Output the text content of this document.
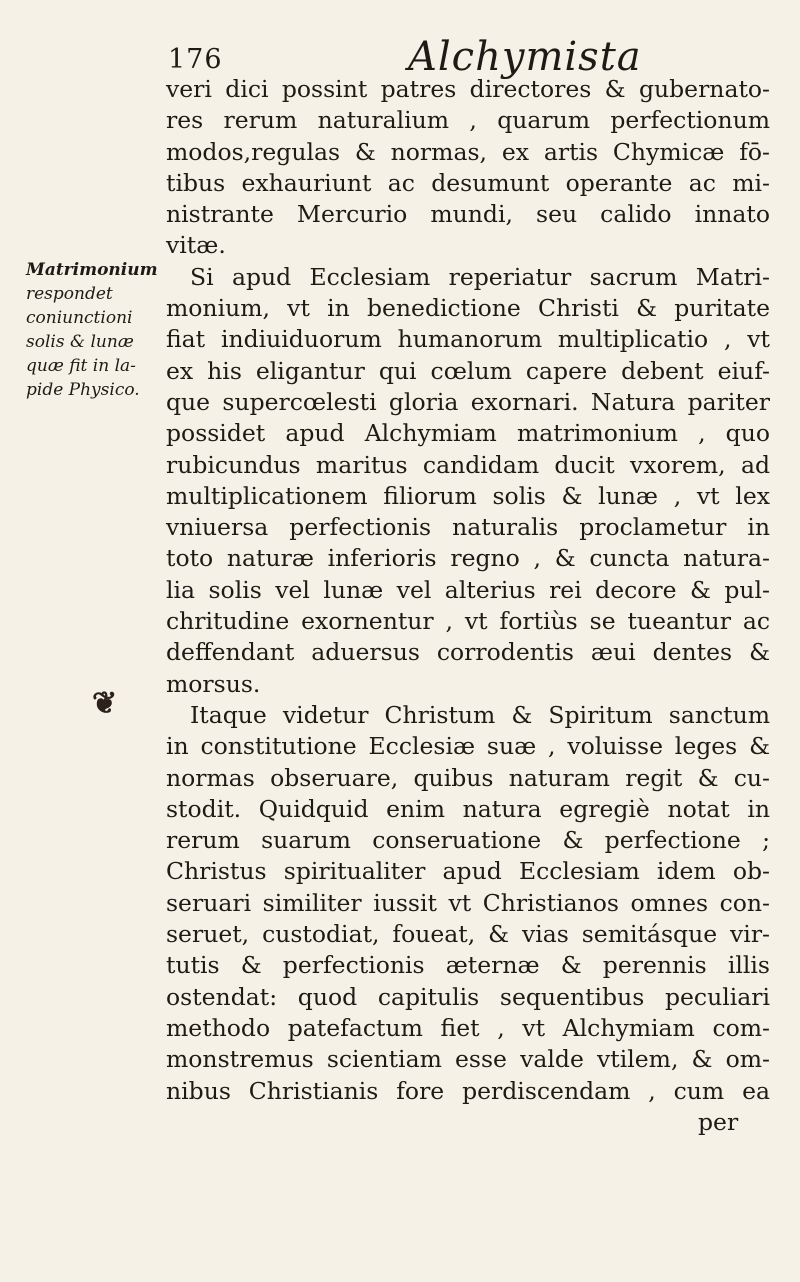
176	Alchymista
Matrimonium
respondet
coniunctioni
solis & lunæ
quæ fit in la-
pide Physico.
❦
veri dici possint patres directores & gubernato-
res rerum naturalium , quarum perfectionum
modos,regulas & normas, ex artis Chymicæ fō-
tibus exhauriunt ac desumunt operante ac mi-
nistrante Mercurio mundi, seu calido innato
vitæ.
Si apud Ecclesiam reperiatur sacrum Matri-
monium, vt in benedictione Christi & puritate
fiat indiuiduorum humanorum multiplicatio , vt
ex his eligantur qui cœlum capere debent eiuf-
que supercœlesti gloria exornari. Natura pariter
possidet apud Alchymiam matrimonium , quo
rubicundus maritus candidam ducit vxorem, ad
multiplicationem filiorum solis & lunæ , vt lex
vniuersa perfectionis naturalis proclametur in
toto naturæ inferioris regno , & cuncta natura-
lia solis vel lunæ vel alterius rei decore & pul-
chritudine exornentur , vt fortiùs se tueantur ac
deffendant aduersus corrodentis æui dentes &
morsus.
Itaque videtur Christum & Spiritum sanctum
in constitutione Ecclesiæ suæ , voluisse leges &
normas obseruare, quibus naturam regit & cu-
stodit. Quidquid enim natura egregiè notat in
rerum suarum conseruatione & perfectione ;
Christus spiritualiter apud Ecclesiam idem ob-
seruari similiter iussit vt Christianos omnes con-
seruet, custodiat, foueat, & vias semitásque vir-
tutis & perfectionis æternæ & perennis illis
ostendat: quod capitulis sequentibus peculiari
methodo patefactum fiet , vt Alchymiam com-
monstremus scientiam esse valde vtilem, & om-
nibus Christianis fore perdiscendam , cum ea
per
